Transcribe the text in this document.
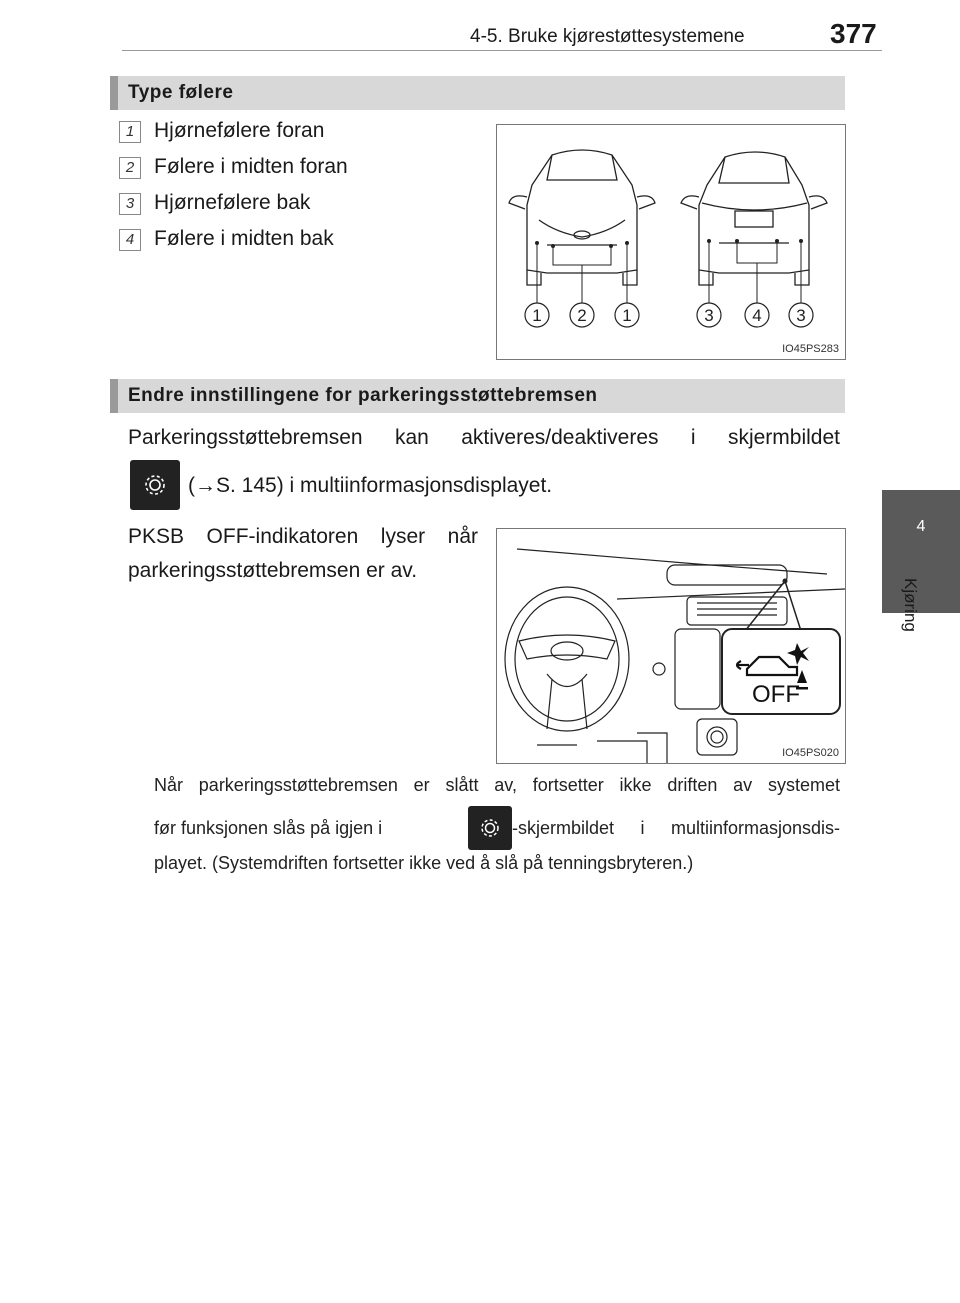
4-5. Bruke kjørestøttesystemene	377
4
Kjøring
Type følere
1 Hjørnefølere foran
2 Følere i midten foran
3 Hjørnefølere bak
4 Følere i midten bak
1 2 1	3 4 3
IO45PS283
Endre innstillingene for parkeringsstøttebremsen
Parkeringsstøttebremsen kan aktiveres/deaktiveres i skjermbildet
(→S. 145) i multiinformasjonsdisplayet.
PKSB OFF-indikatoren lyser når parkeringsstøttebremsen er av.
OFF
IO45PS020
Når parkeringsstøttebremsen er slått av, fortsetter ikke driften av systemet
før funksjonen slås på igjen i	-skjermbildet i multiinformasjonsdis-
playet. (Systemdriften fortsetter ikke ved å slå på tenningsbryteren.)
